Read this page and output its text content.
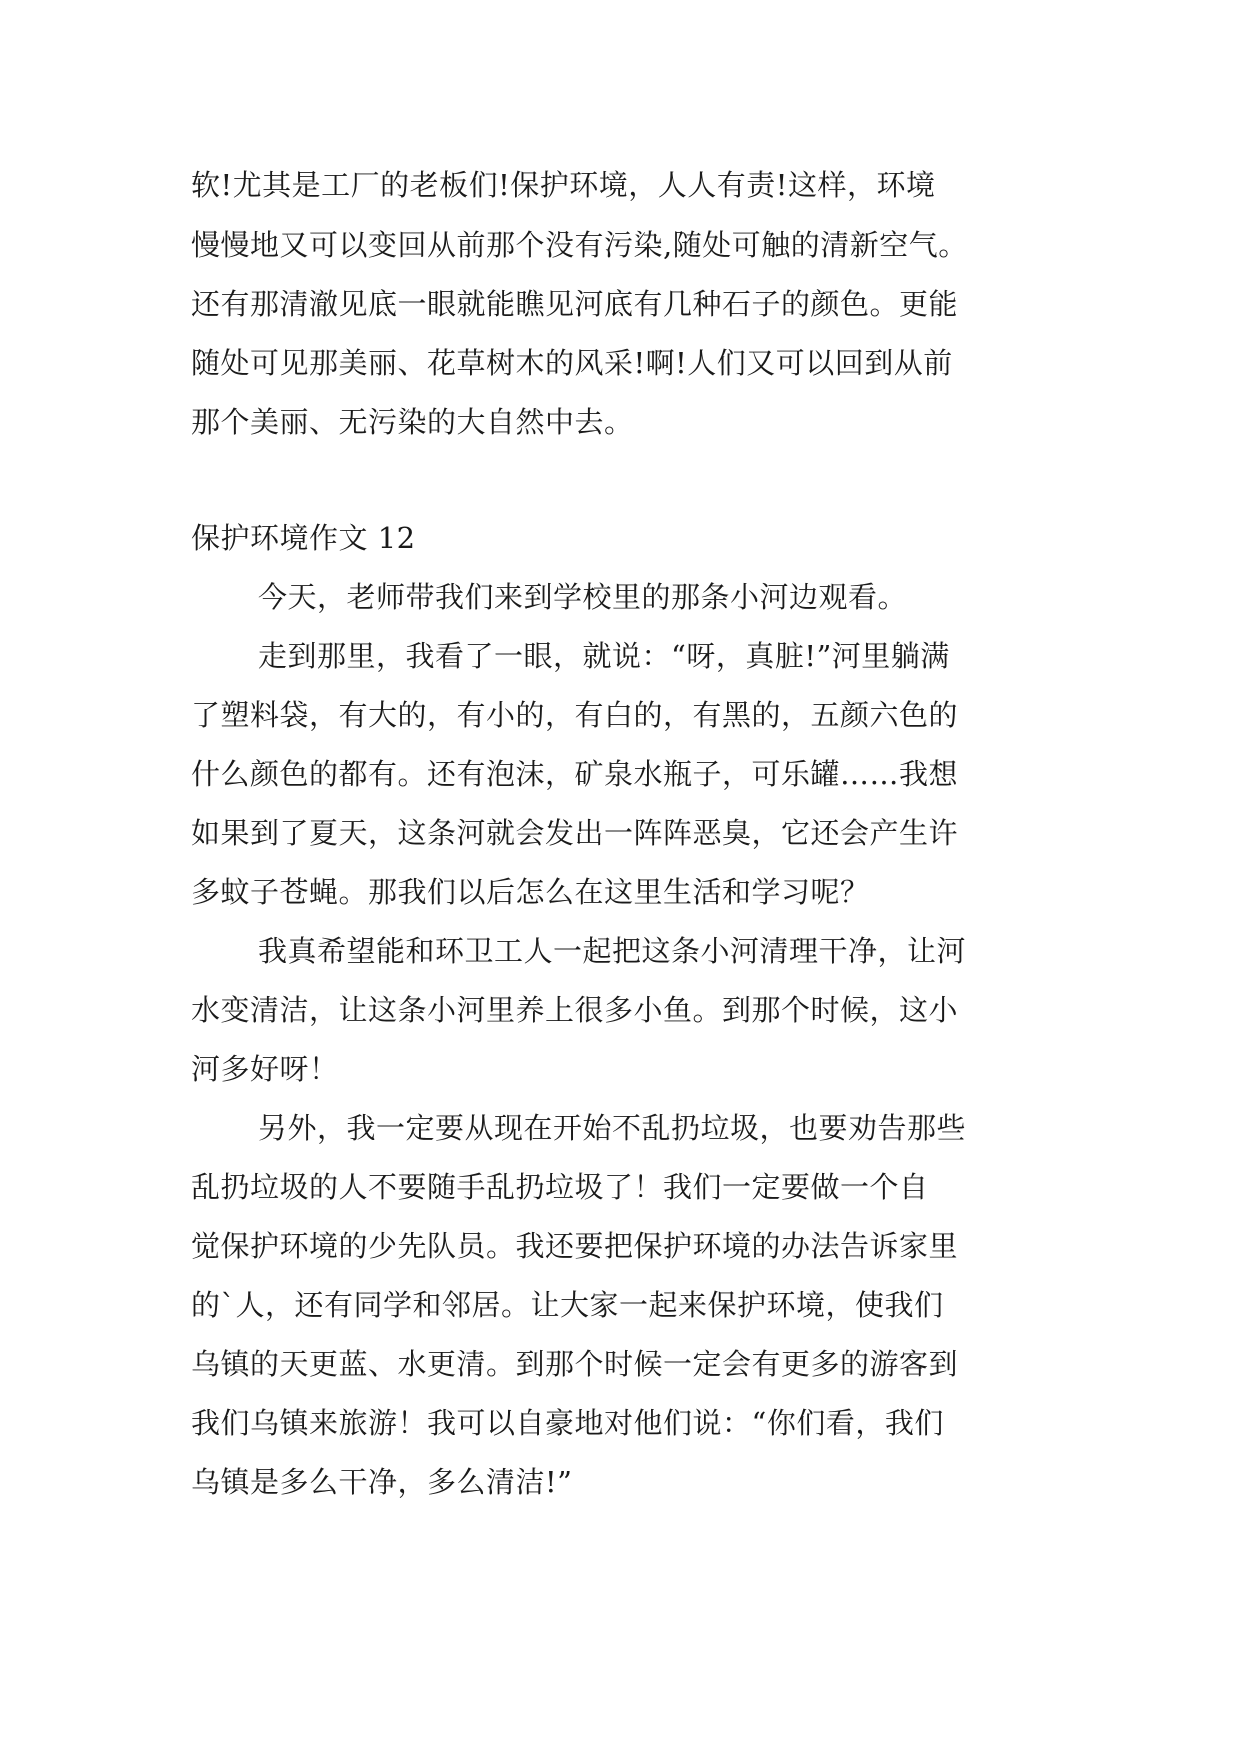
软!尤其是工厂的老板们!保护环境，人人有责!这样，环境
慢慢地又可以变回从前那个没有污染,随处可触的清新空气。
还有那清澈见底一眼就能瞧见河底有几种石子的颜色。更能
随处可见那美丽、花草树木的风采!啊!人们又可以回到从前
那个美丽、无污染的大自然中去。
保护环境作文 12
今天，老师带我们来到学校里的那条小河边观看。
走到那里，我看了一眼，就说：“呀，真脏!”河里躺满
了塑料袋，有大的，有小的，有白的，有黑的，五颜六色的
什么颜色的都有。还有泡沫，矿泉水瓶子，可乐罐……我想
如果到了夏天，这条河就会发出一阵阵恶臭，它还会产生许
多蚊子苍蝇。那我们以后怎么在这里生活和学习呢？
我真希望能和环卫工人一起把这条小河清理干净，让河
水变清洁，让这条小河里养上很多小鱼。到那个时候，这小
河多好呀！
另外，我一定要从现在开始不乱扔垃圾，也要劝告那些
乱扔垃圾的人不要随手乱扔垃圾了！我们一定要做一个自
觉保护环境的少先队员。我还要把保护环境的办法告诉家里
的`人，还有同学和邻居。让大家一起来保护环境，使我们
乌镇的天更蓝、水更清。到那个时候一定会有更多的游客到
我们乌镇来旅游！我可以自豪地对他们说：“你们看，我们
乌镇是多么干净，多么清洁!”
